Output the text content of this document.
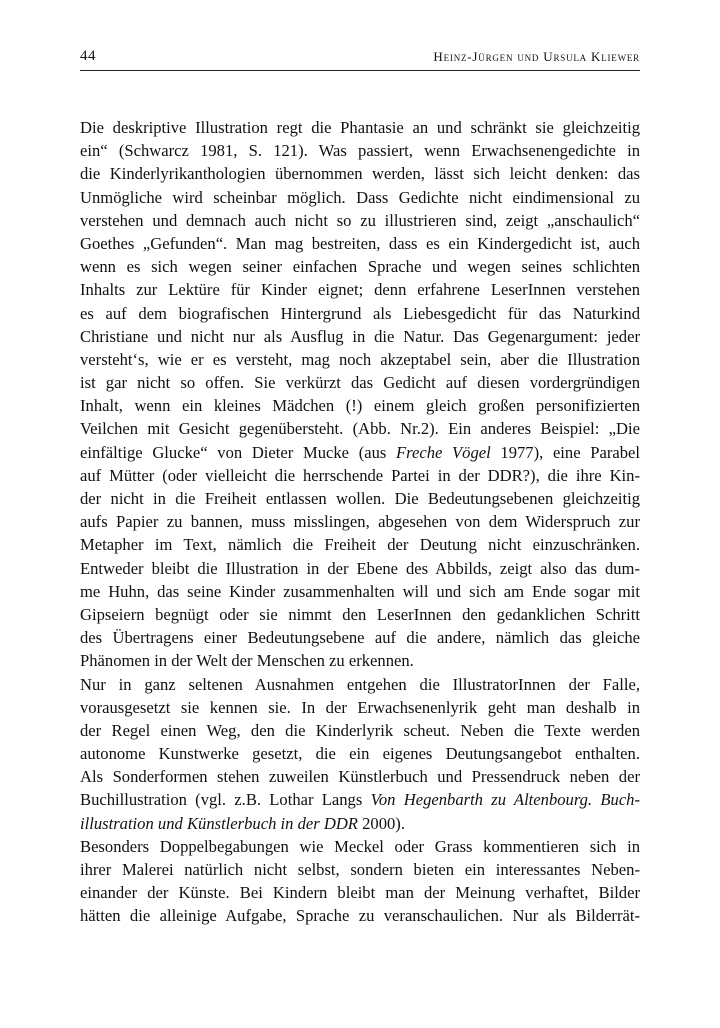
44	Heinz-Jürgen und Ursula Kliewer
Die deskriptive Illustration regt die Phantasie an und schränkt sie gleichzeitig
ein“ (Schwarcz 1981, S. 121). Was passiert, wenn Erwachsenengedichte in
die Kinderlyrikanthologien übernommen werden, lässt sich leicht denken: das
Unmögliche wird scheinbar möglich. Dass Gedichte nicht eindimensional zu
verstehen und demnach auch nicht so zu illustrieren sind, zeigt „anschaulich“
Goethes „Gefunden“. Man mag bestreiten, dass es ein Kindergedicht ist, auch
wenn es sich wegen seiner einfachen Sprache und wegen seines schlichten
Inhalts zur Lektüre für Kinder eignet; denn erfahrene LeserInnen verstehen
es auf dem biografischen Hintergrund als Liebesgedicht für das Naturkind
Christiane und nicht nur als Ausflug in die Natur. Das Gegenargument: jeder
versteht‘s, wie er es versteht, mag noch akzeptabel sein, aber die Illustration
ist gar nicht so offen. Sie verkürzt das Gedicht auf diesen vordergründigen
Inhalt, wenn ein kleines Mädchen (!) einem gleich großen personifizierten
Veilchen mit Gesicht gegenübersteht. (Abb. Nr.2). Ein anderes Beispiel: „Die
einfältige Glucke“ von Dieter Mucke (aus Freche Vögel 1977), eine Parabel
auf Mütter (oder vielleicht die herrschende Partei in der DDR?), die ihre Kin-
der nicht in die Freiheit entlassen wollen. Die Bedeutungsebenen gleichzeitig
aufs Papier zu bannen, muss misslingen, abgesehen von dem Widerspruch zur
Metapher im Text, nämlich die Freiheit der Deutung nicht einzuschränken.
Entweder bleibt die Illustration in der Ebene des Abbilds, zeigt also das dum-
me Huhn, das seine Kinder zusammenhalten will und sich am Ende sogar mit
Gipseiern begnügt oder sie nimmt den LeserInnen den gedanklichen Schritt
des Übertragens einer Bedeutungsebene auf die andere, nämlich das gleiche
Phänomen in der Welt der Menschen zu erkennen.
Nur in ganz seltenen Ausnahmen entgehen die IllustratorInnen der Falle,
vorausgesetzt sie kennen sie. In der Erwachsenenlyrik geht man deshalb in
der Regel einen Weg, den die Kinderlyrik scheut. Neben die Texte werden
autonome Kunstwerke gesetzt, die ein eigenes Deutungsangebot enthalten.
Als Sonderformen stehen zuweilen Künstlerbuch und Pressendruck neben der
Buchillustration (vgl. z.B. Lothar Langs Von Hegenbarth zu Altenbourg. Buch-
illustration und Künstlerbuch in der DDR 2000).
Besonders Doppelbegabungen wie Meckel oder Grass kommentieren sich in
ihrer Malerei natürlich nicht selbst, sondern bieten ein interessantes Neben-
einander der Künste. Bei Kindern bleibt man der Meinung verhaftet, Bilder
hätten die alleinige Aufgabe, Sprache zu veranschaulichen. Nur als Bilderrät-
